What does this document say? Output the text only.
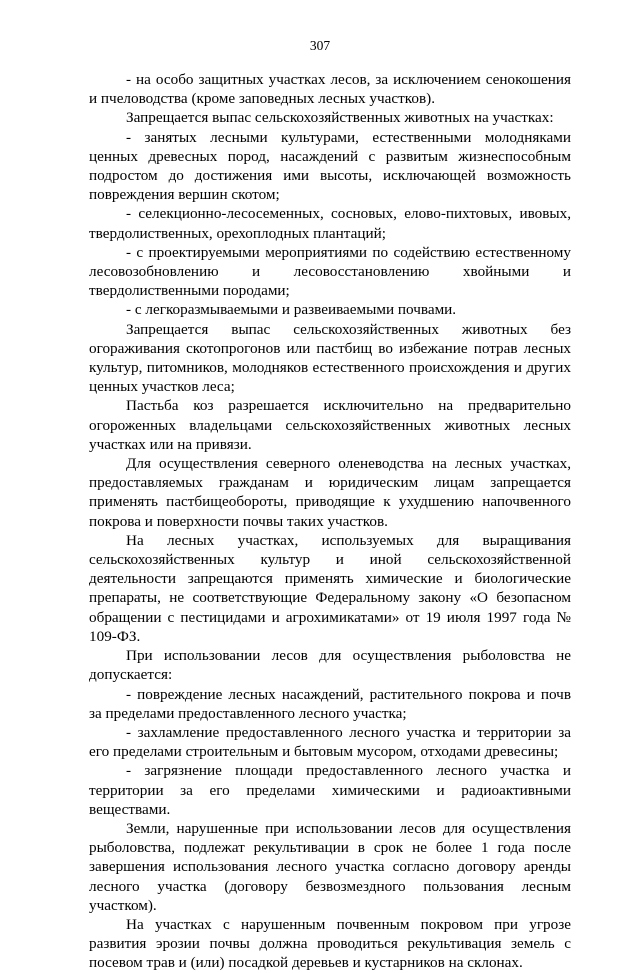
307

- на особо защитных участках лесов, за исключением сенокошения и пчеловодства (кроме заповедных лесных участков).

Запрещается выпас сельскохозяйственных животных на участках:

- занятых лесными культурами, естественными молодняками ценных древесных пород, насаждений с развитым жизнеспособным подростом до достижения ими высоты, исключающей возможность повреждения вершин скотом;

- селекционно-лесосеменных, сосновых, елово-пихтовых, ивовых, твердолиственных, орехоплодных плантаций;

- с проектируемыми мероприятиями по содействию естественному лесовозобновлению и лесовосстановлению хвойными и твердолиственными породами;

- с легкоразмываемыми и развеиваемыми почвами.

Запрещается выпас сельскохозяйственных животных без огораживания скотопрогонов или пастбищ во избежание потрав лесных культур, питомников, молодняков естественного происхождения и других ценных участков леса;

Пастьба коз разрешается исключительно на предварительно огороженных владельцами сельскохозяйственных животных лесных участках или на привязи.

Для осуществления северного оленеводства на лесных участках, предоставляемых гражданам и юридическим лицам запрещается применять пастбищеобороты, приводящие к ухудшению напочвенного покрова и поверхности почвы таких участков.

На лесных участках, используемых для выращивания сельскохозяйственных культур и иной сельскохозяйственной деятельности запрещаются применять химические и биологические препараты, не соответствующие Федеральному закону «О безопасном обращении с пестицидами и агрохимикатами» от 19 июля 1997 года № 109-ФЗ.

При использовании лесов для осуществления рыболовства не допускается:

- повреждение лесных насаждений, растительного покрова и почв за пределами предоставленного лесного участка;

- захламление предоставленного лесного участка и территории за его пределами строительным и бытовым мусором, отходами древесины;

- загрязнение площади предоставленного лесного участка и территории за его пределами химическими и радиоактивными веществами.

Земли, нарушенные при использовании лесов для осуществления рыболовства, подлежат рекультивации в срок не более 1 года после завершения использования лесного участка согласно договору аренды лесного участка (договору безвозмездного пользования лесным участком).

На участках с нарушенным почвенным покровом при угрозе развития эрозии почвы должна проводиться рекультивация земель с посевом трав и (или) посадкой деревьев и кустарников на склонах.
